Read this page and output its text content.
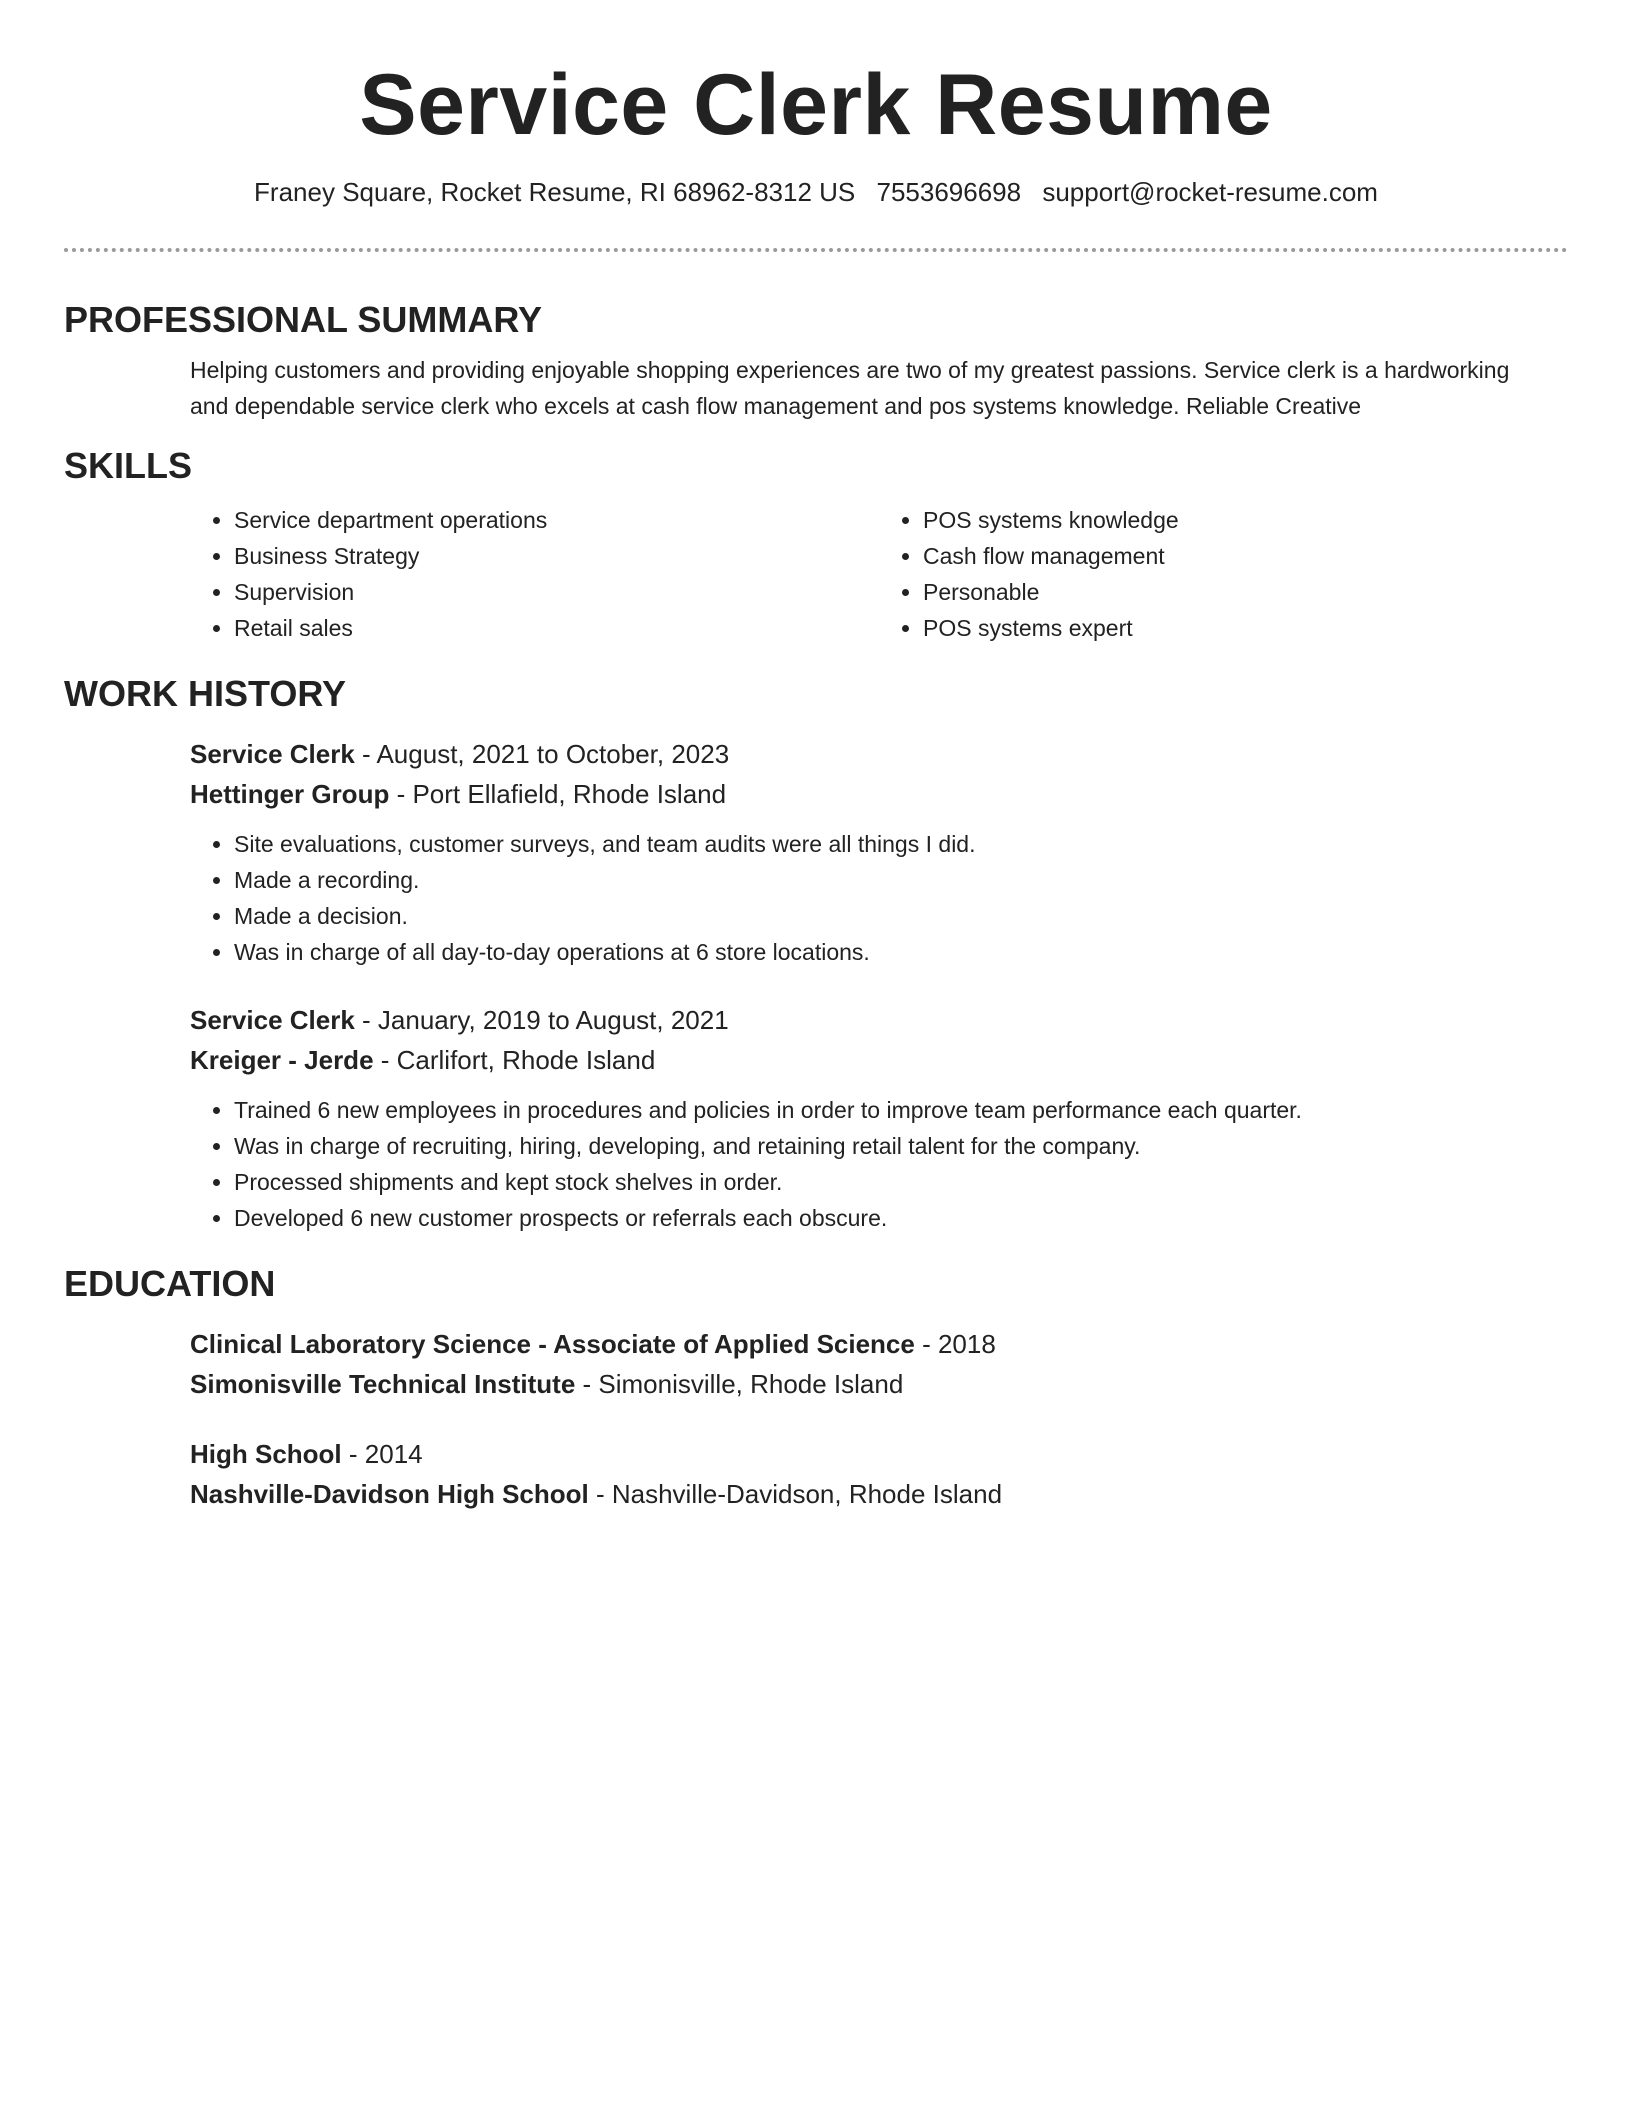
Service Clerk Resume
Franey Square, Rocket Resume, RI 68962-8312 US 7553696698 support@rocket-resume.com
PROFESSIONAL SUMMARY
Helping customers and providing enjoyable shopping experiences are two of my greatest passions. Service clerk is a hardworking and dependable service clerk who excels at cash flow management and pos systems knowledge. Reliable Creative
SKILLS
• Service department operations
• Business Strategy
• Supervision
• Retail sales
• POS systems knowledge
• Cash flow management
• Personable
• POS systems expert
WORK HISTORY
Service Clerk - August, 2021 to October, 2023
Hettinger Group - Port Ellafield, Rhode Island
• Site evaluations, customer surveys, and team audits were all things I did.
• Made a recording.
• Made a decision.
• Was in charge of all day-to-day operations at 6 store locations.
Service Clerk - January, 2019 to August, 2021
Kreiger - Jerde - Carlifort, Rhode Island
• Trained 6 new employees in procedures and policies in order to improve team performance each quarter.
• Was in charge of recruiting, hiring, developing, and retaining retail talent for the company.
• Processed shipments and kept stock shelves in order.
• Developed 6 new customer prospects or referrals each obscure.
EDUCATION
Clinical Laboratory Science - Associate of Applied Science - 2018
Simonisville Technical Institute - Simonisville, Rhode Island
High School - 2014
Nashville-Davidson High School - Nashville-Davidson, Rhode Island
